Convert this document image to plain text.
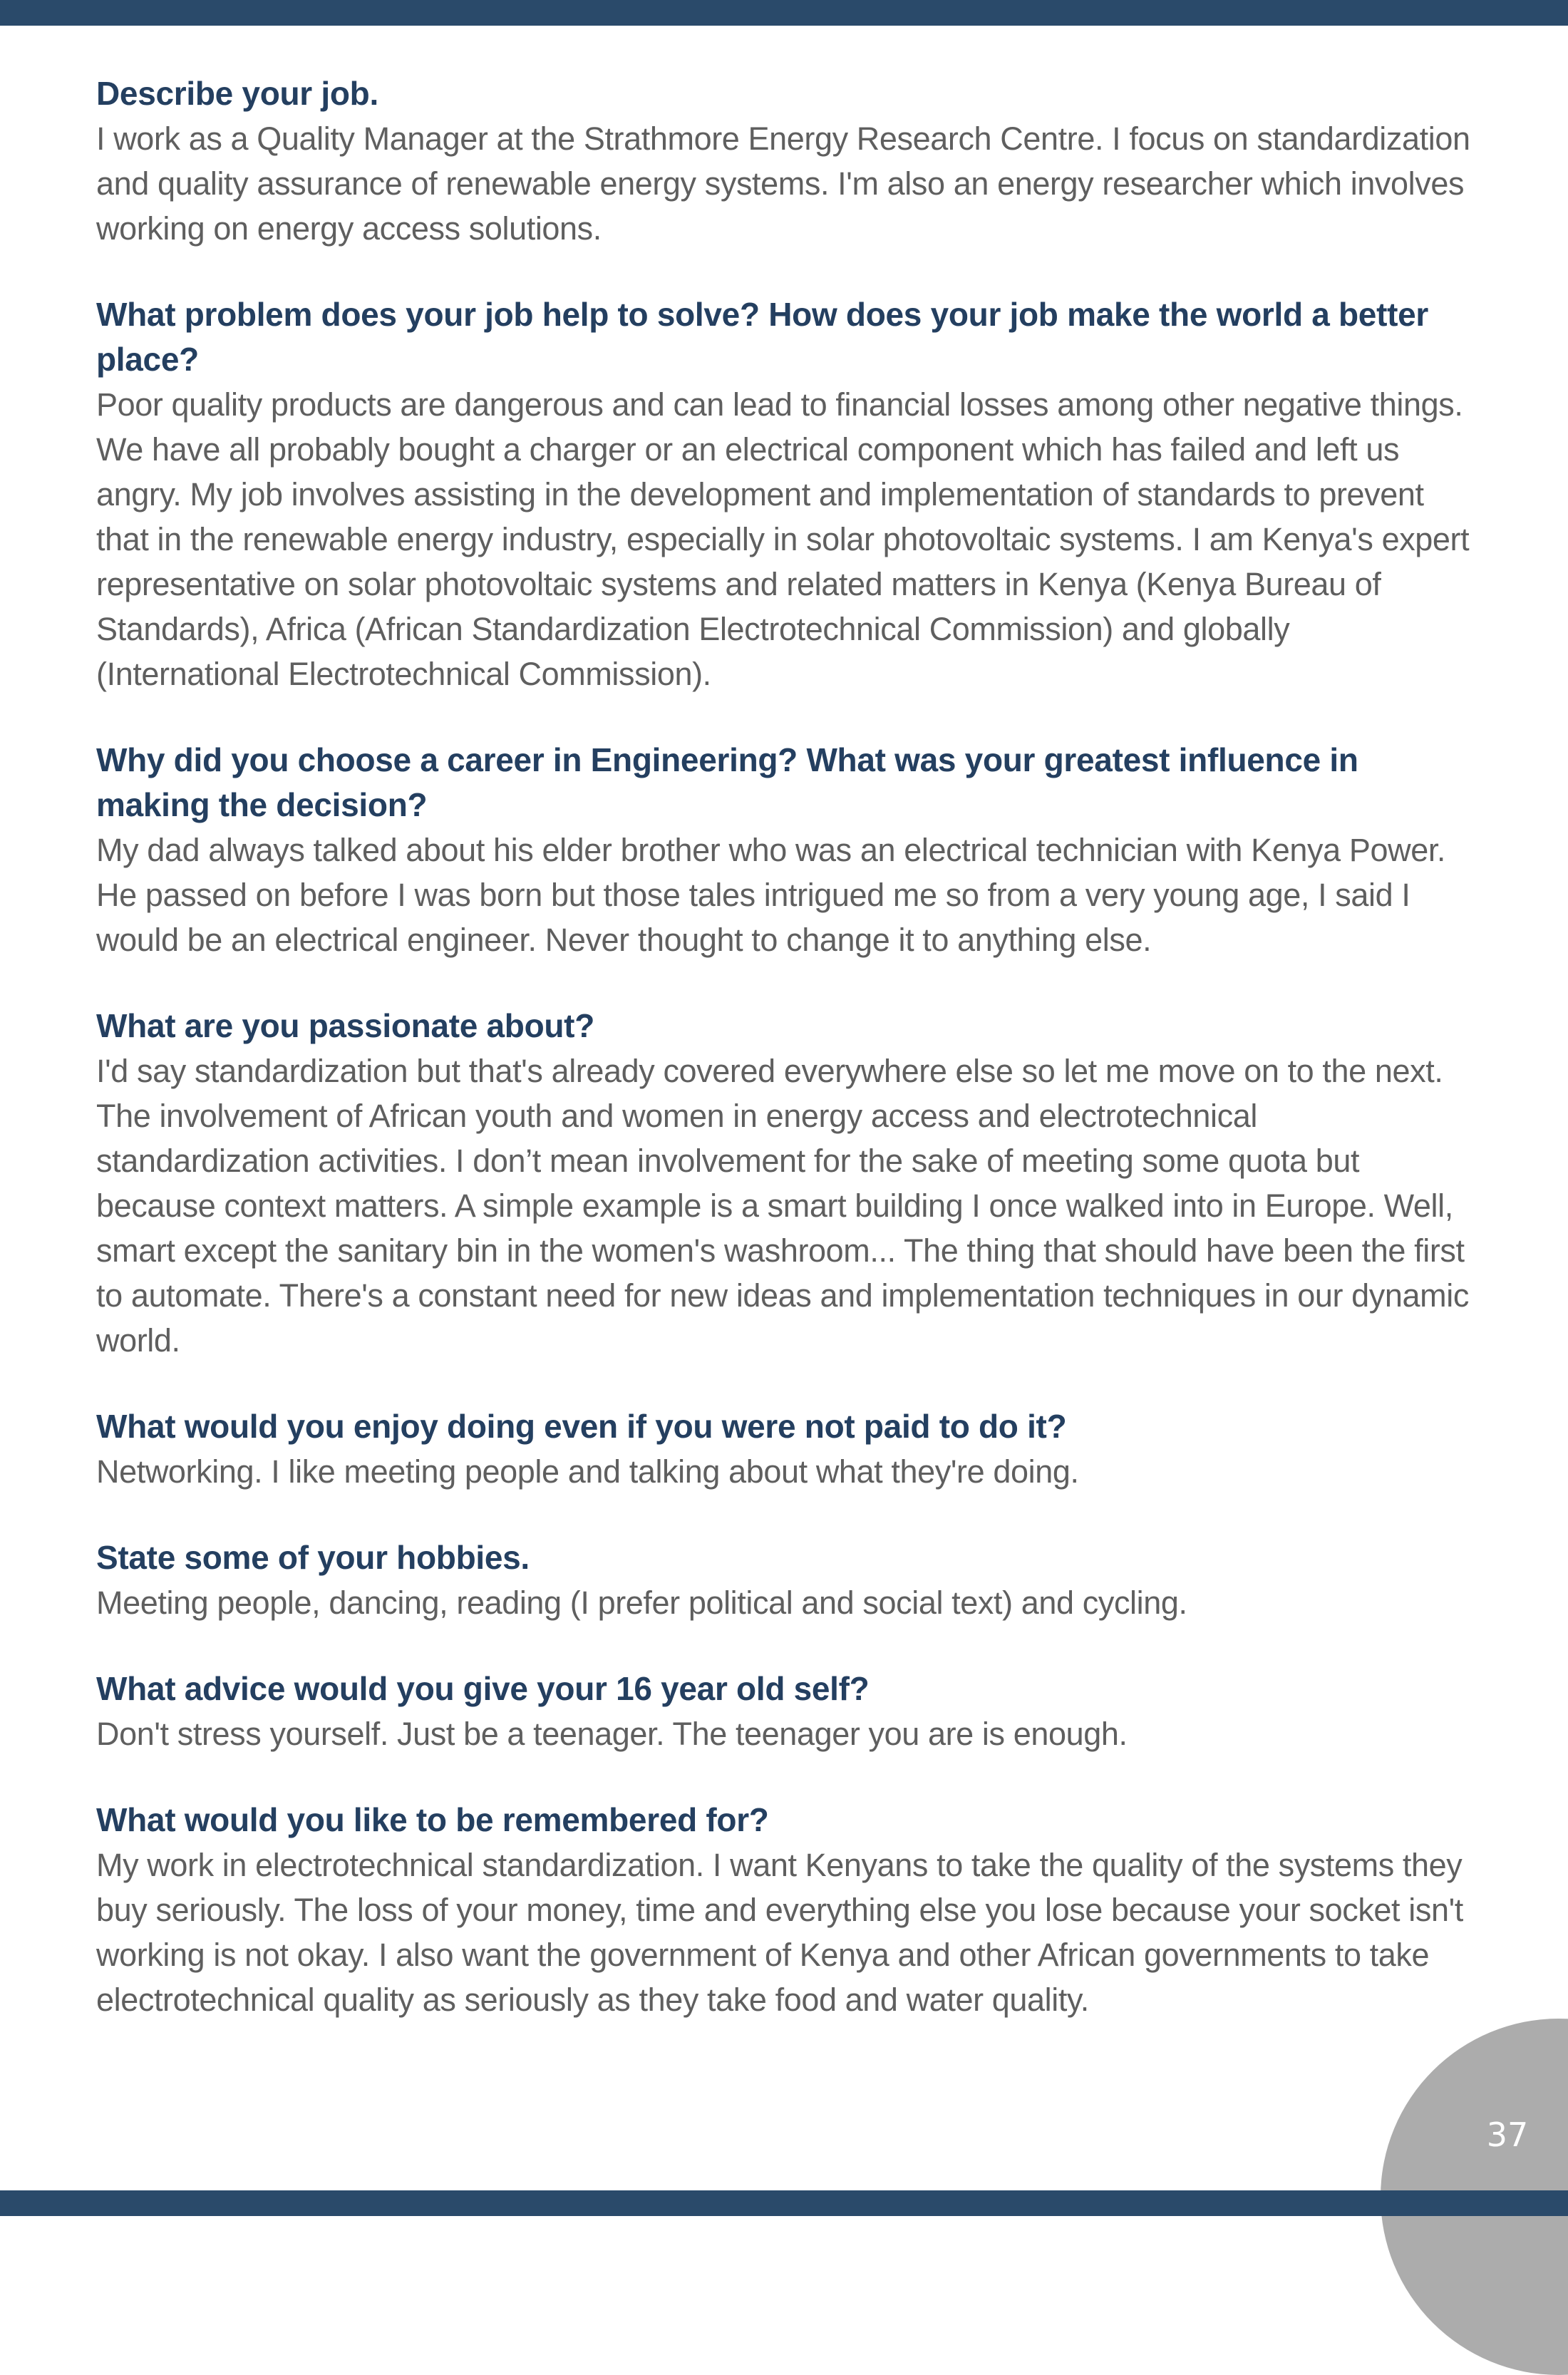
Describe your job.

I work as a Quality Manager at the Strathmore Energy Research Centre. I focus on standardization and quality assurance of renewable energy systems. I'm also an energy researcher which involves working on energy access solutions.

What problem does your job help to solve? How does your job make the world a better place?

Poor quality products are dangerous and can lead to financial losses among other negative things. We have all probably bought a charger or an electrical component which has failed and left us angry. My job involves assisting in the development and implementation of standards to prevent that in the renewable energy industry, especially in solar photovoltaic systems. I am Kenya's expert representative on solar photovoltaic systems and related matters in Kenya (Kenya Bureau of Standards), Africa (African Standardization Electrotechnical Commission) and globally (International Electrotechnical Commission).

Why did you choose a career in Engineering? What was your greatest influence in making the decision?

My dad always talked about his elder brother who was an electrical technician with Kenya Power. He passed on before I was born but those tales intrigued me so from a very young age, I said I would be an electrical engineer. Never thought to change it to anything else.

What are you passionate about?

I'd say standardization but that's already covered everywhere else so let me move on to the next. The involvement of African youth and women in energy access and electrotechnical standardization activities. I don’t mean involvement for the sake of meeting some quota but because context matters. A simple example is a smart building I once walked into in Europe. Well, smart except the sanitary bin in the women's washroom... The thing that should have been the first to automate. There's a constant need for new ideas and implementation techniques in our dynamic world.

What would you enjoy doing even if you were not paid to do it?

Networking. I like meeting people and talking about what they're doing.

State some of your hobbies.

Meeting people, dancing, reading (I prefer political and social text) and cycling.

What advice would you give your 16 year old self?

Don't stress yourself. Just be a teenager. The teenager you are is enough.

What would you like to be remembered for?

My work in electrotechnical standardization. I want Kenyans to take the quality of the systems they buy seriously. The loss of your money, time and everything else you lose because your socket isn't working is not okay. I also want the government of Kenya and other African governments to take electrotechnical quality as seriously as they take food and water quality.

37
